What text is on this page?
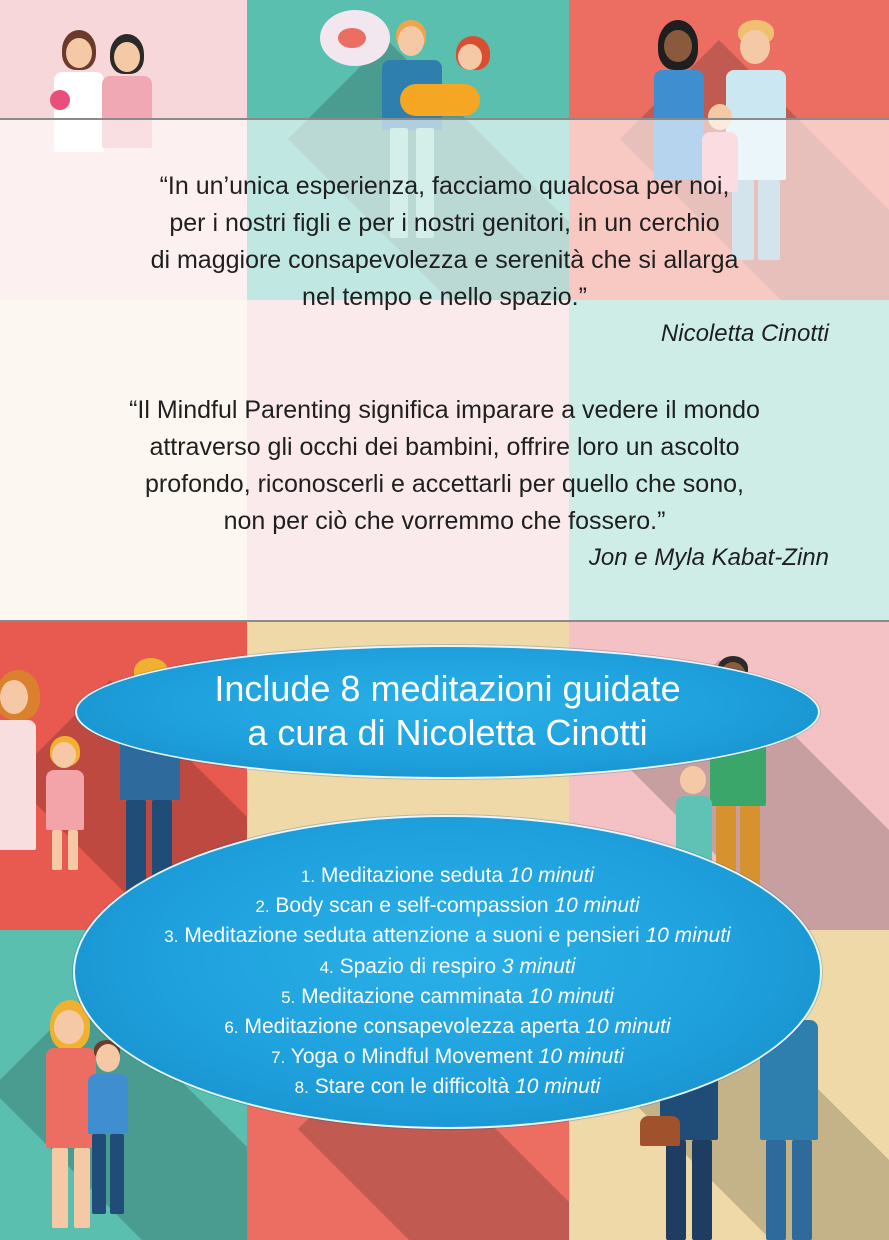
“In un’unica esperienza, facciamo qualcosa per noi,
per i nostri figli e per i nostri genitori, in un cerchio
di maggiore consapevolezza e serenità che si allarga
nel tempo e nello spazio.”
Nicoletta Cinotti
“Il Mindful Parenting significa imparare a vedere il mondo
attraverso gli occhi dei bambini, offrire loro un ascolto
profondo, riconoscerli e accettarli per quello che sono,
non per ciò che vorremmo che fossero.”
Jon e Myla Kabat-Zinn
Include 8 meditazioni guidate
a cura di Nicoletta Cinotti
1. Meditazione seduta 10 minuti
2. Body scan e self-compassion 10 minuti
3. Meditazione seduta attenzione a suoni e pensieri 10 minuti
4. Spazio di respiro 3 minuti
5. Meditazione camminata 10 minuti
6. Meditazione consapevolezza aperta 10 minuti
7. Yoga o Mindful Movement 10 minuti
8. Stare con le difficoltà 10 minuti
